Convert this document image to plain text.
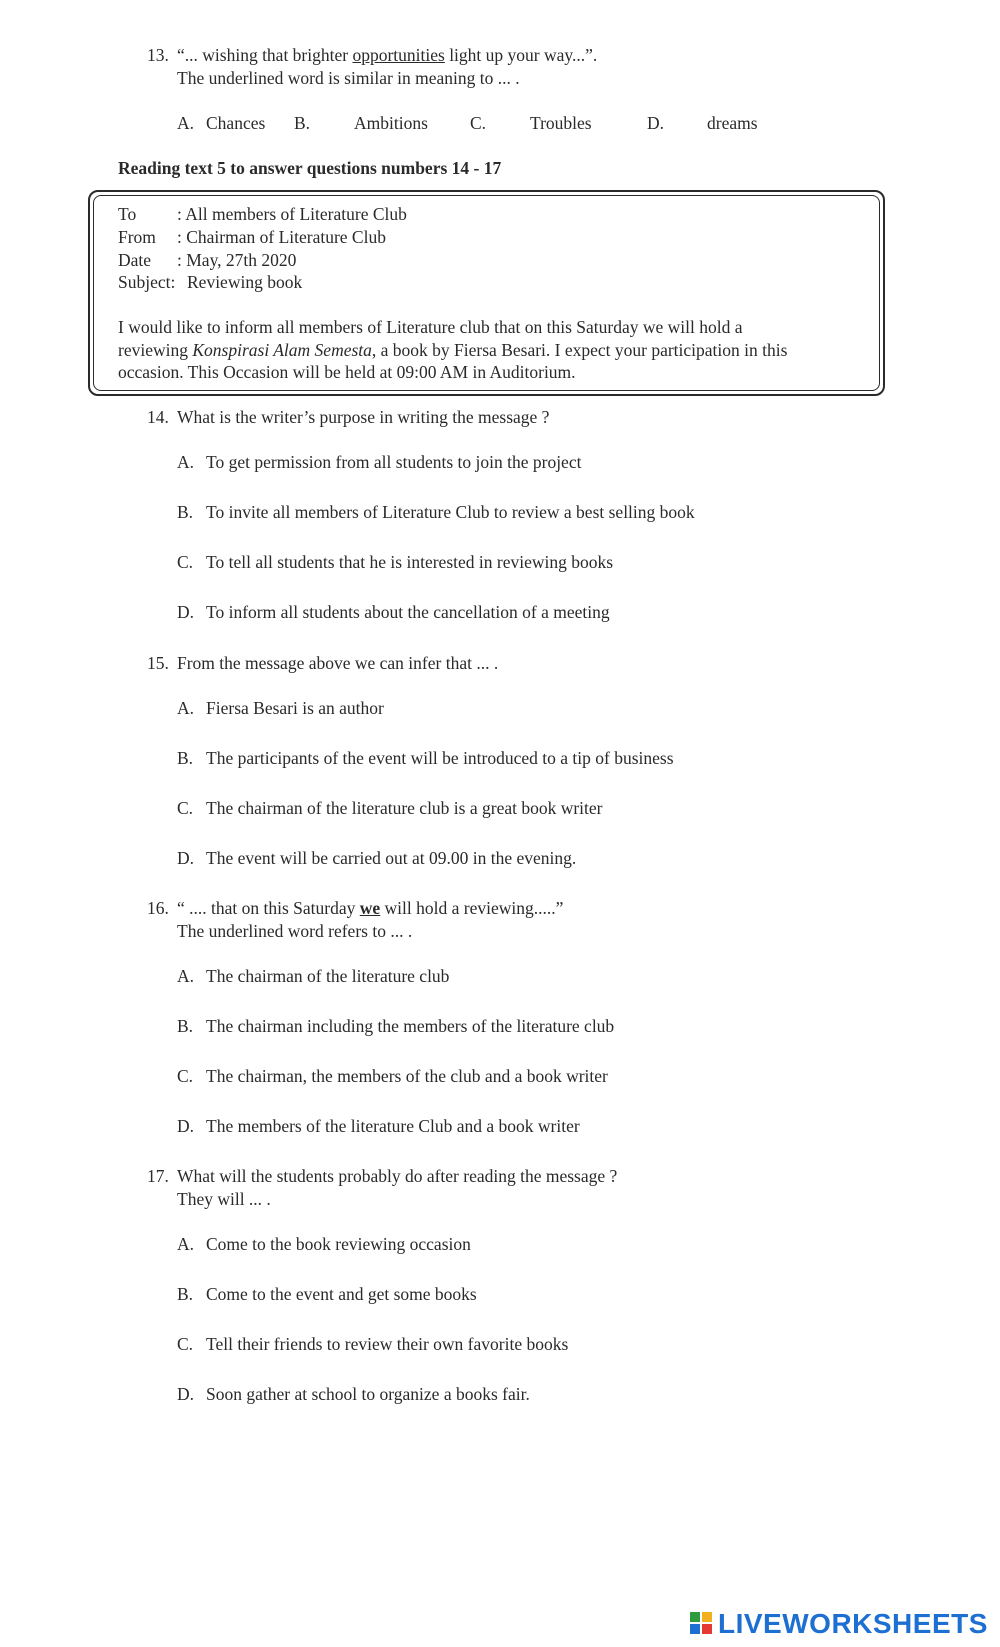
13. “... wishing that brighter opportunities light up your way...”.
The underlined word is similar in meaning to ... .
A. Chances B.	Ambitions C.	Troubles	D. dreams
Reading text 5 to answer questions numbers 14 - 17
To : All members of Literature Club
From : Chairman of Literature Club
Date : May, 27th 2020
Subject: Reviewing book
I would like to inform all members of Literature club that on this Saturday we will hold a
reviewing Konspirasi Alam Semesta, a book by Fiersa Besari. I expect your participation in this
occasion. This Occasion will be held at 09:00 AM in Auditorium.
14. What is the writer’s purpose in writing the message ?
A. To get permission from all students to join the project
B. To invite all members of Literature Club to review a best selling book
C. To tell all students that he is interested in reviewing books
D. To inform all students about the cancellation of a meeting
15. From the message above we can infer that ... .
A. Fiersa Besari is an author
B. The participants of the event will be introduced to a tip of business
C. The chairman of the literature club is a great book writer
D. The event will be carried out at 09.00 in the evening.
16. “ .... that on this Saturday we will hold a reviewing.....”
The underlined word refers to ... .
A. The chairman of the literature club
B. The chairman including the members of the literature club
C. The chairman, the members of the club and a book writer
D. The members of the literature Club and a book writer
17. What will the students probably do after reading the message ?
They will ... .
A. Come to the book reviewing occasion
B. Come to the event and get some books
C. Tell their friends to review their own favorite books
D. Soon gather at school to organize a books fair.
LIVEWORKSHEETS
